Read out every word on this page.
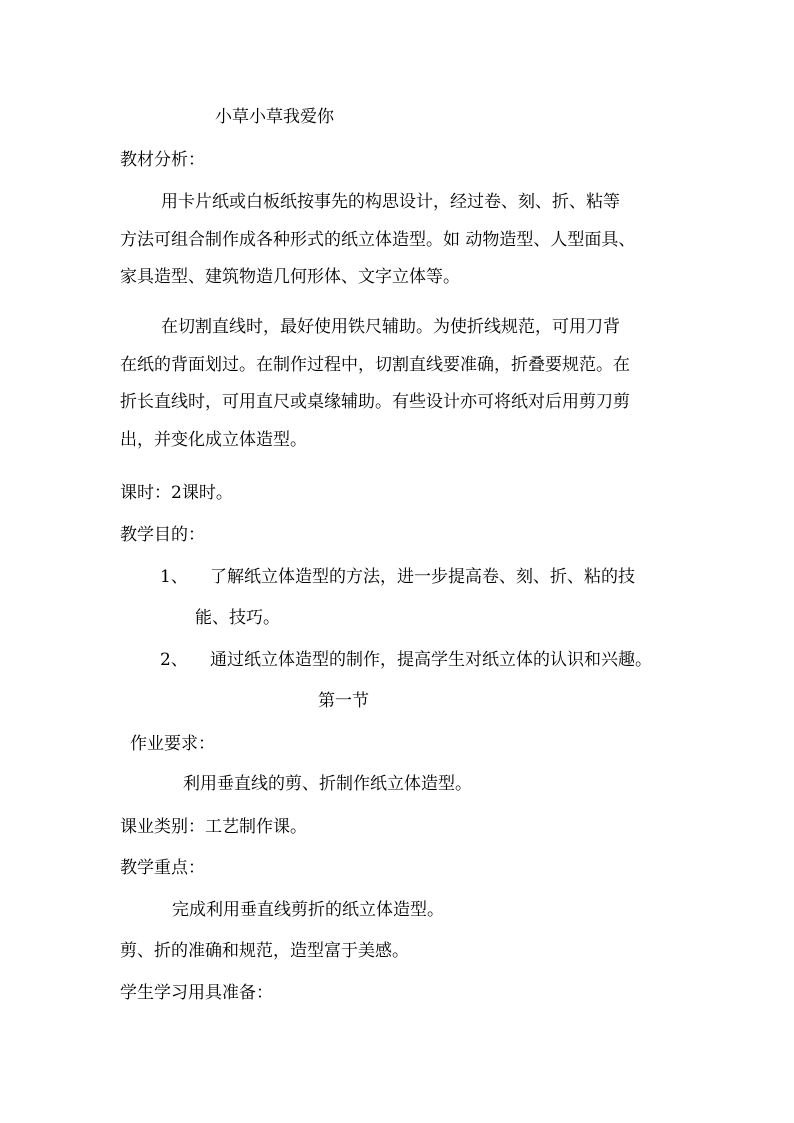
小草小草我爱你
教材分析：
用卡片纸或白板纸按事先的构思设计，经过卷、刻、折、粘等
方法可组合制作成各种形式的纸立体造型。如 动物造型、人型面具、
家具造型、建筑物造几何形体、文字立体等。
在切割直线时，最好使用铁尺辅助。为使折线规范，可用刀背
在纸的背面划过。在制作过程中，切割直线要准确，折叠要规范。在
折长直线时，可用直尺或桌缘辅助。有些设计亦可将纸对后用剪刀剪
出，并变化成立体造型。
课时：2课时。
教学目的：
1、 了解纸立体造型的方法，进一步提高卷、刻、折、粘的技
能、技巧。
2、 通过纸立体造型的制作，提高学生对纸立体的认识和兴趣。
第一节
作业要求：
利用垂直线的剪、折制作纸立体造型。
课业类别：工艺制作课。
教学重点：
完成利用垂直线剪折的纸立体造型。
剪、折的准确和规范，造型富于美感。
学生学习用具准备：
